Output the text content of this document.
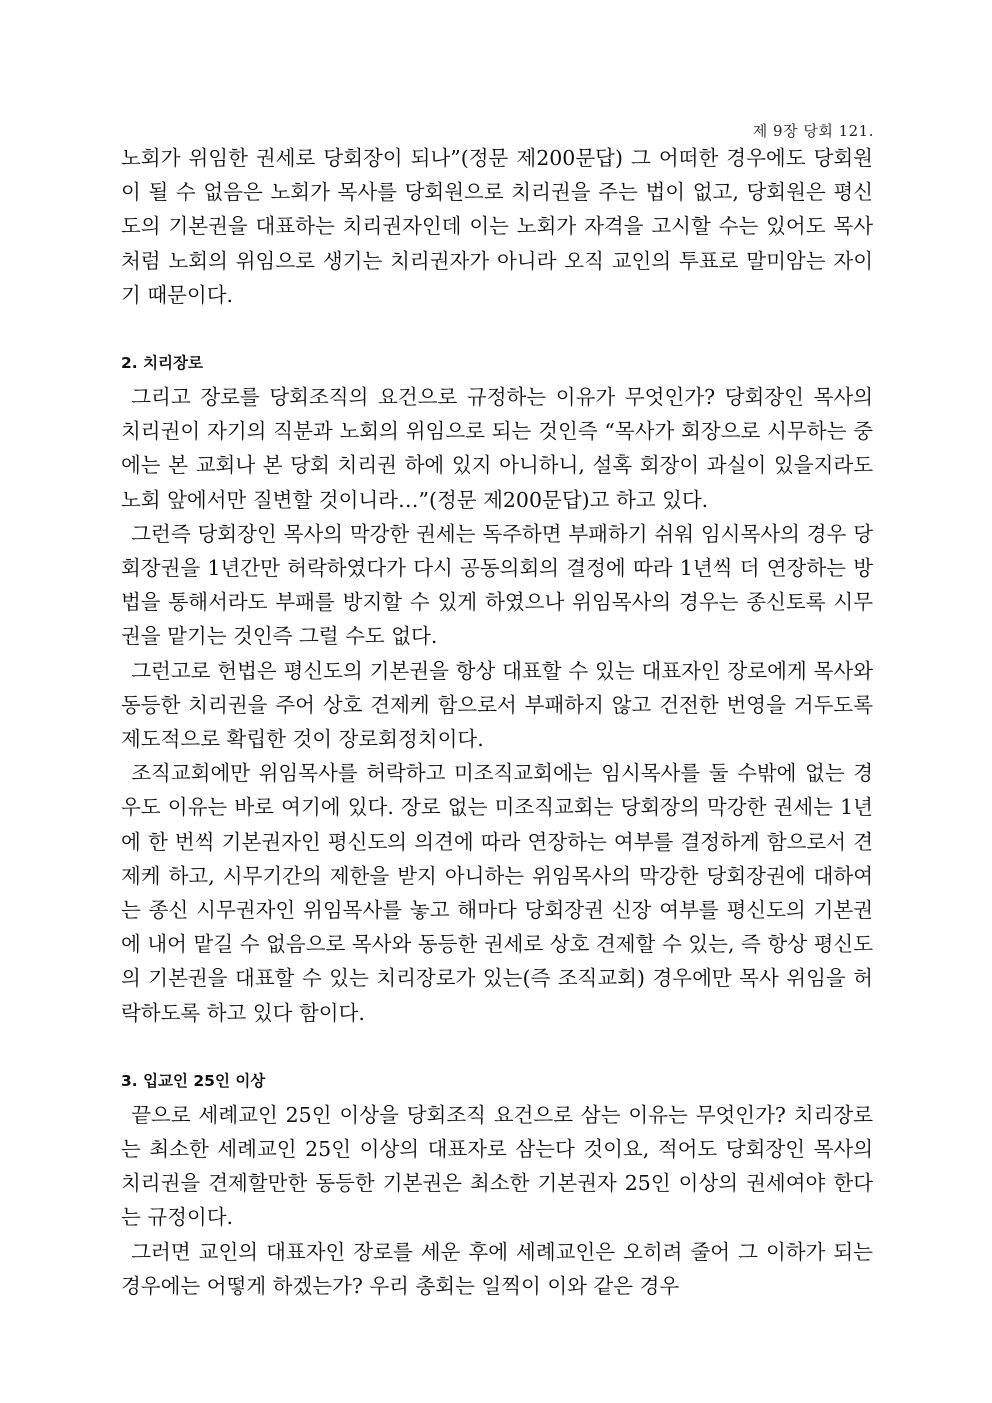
제 9장 당회 121.

노회가 위임한 권세로 당회장이 되나”(정문 제200문답) 그 어떠한 경우에도 당회원이 될 수 없음은 노회가 목사를 당회원으로 치리권을 주는 법이 없고, 당회원은 평신도의 기본권을 대표하는 치리권자인데 이는 노회가 자격을 고시할 수는 있어도 목사처럼 노회의 위임으로 생기는 치리권자가 아니라 오직 교인의 투표로 말미암는 자이기 때문이다.

2. 치리장로

그리고 장로를 당회조직의 요건으로 규정하는 이유가 무엇인가? 당회장인 목사의 치리권이 자기의 직분과 노회의 위임으로 되는 것인즉 “목사가 회장으로 시무하는 중에는 본 교회나 본 당회 치리권 하에 있지 아니하니, 설혹 회장이 과실이 있을지라도 노회 앞에서만 질변할 것이니라…”(정문 제200문답)고 하고 있다.

그런즉 당회장인 목사의 막강한 권세는 독주하면 부패하기 쉬워 임시목사의 경우 당회장권을 1년간만 허락하였다가 다시 공동의회의 결정에 따라 1년씩 더 연장하는 방법을 통해서라도 부패를 방지할 수 있게 하였으나 위임목사의 경우는 종신토록 시무권을 맡기는 것인즉 그럴 수도 없다.

그런고로 헌법은 평신도의 기본권을 항상 대표할 수 있는 대표자인 장로에게 목사와 동등한 치리권을 주어 상호 견제케 함으로서 부패하지 않고 건전한 번영을 거두도록 제도적으로 확립한 것이 장로회정치이다.

조직교회에만 위임목사를 허락하고 미조직교회에는 임시목사를 둘 수밖에 없는 경우도 이유는 바로 여기에 있다. 장로 없는 미조직교회는 당회장의 막강한 권세는 1년에 한 번씩 기본권자인 평신도의 의견에 따라 연장하는 여부를 결정하게 함으로서 견제케 하고, 시무기간의 제한을 받지 아니하는 위임목사의 막강한 당회장권에 대하여는 종신 시무권자인 위임목사를 놓고 해마다 당회장권 신장 여부를 평신도의 기본권에 내어 맡길 수 없음으로 목사와 동등한 권세로 상호 견제할 수 있는, 즉 항상 평신도의 기본권을 대표할 수 있는 치리장로가 있는(즉 조직교회) 경우에만 목사 위임을 허락하도록 하고 있다 함이다.

3. 입교인 25인 이상

끝으로 세례교인 25인 이상을 당회조직 요건으로 삼는 이유는 무엇인가? 치리장로는 최소한 세례교인 25인 이상의 대표자로 삼는다 것이요, 적어도 당회장인 목사의 치리권을 견제할만한 동등한 기본권은 최소한 기본권자 25인 이상의 권세여야 한다는 규정이다.

그러면 교인의 대표자인 장로를 세운 후에 세례교인은 오히려 줄어 그 이하가 되는 경우에는 어떻게 하겠는가? 우리 총회는 일찍이 이와 같은 경우
